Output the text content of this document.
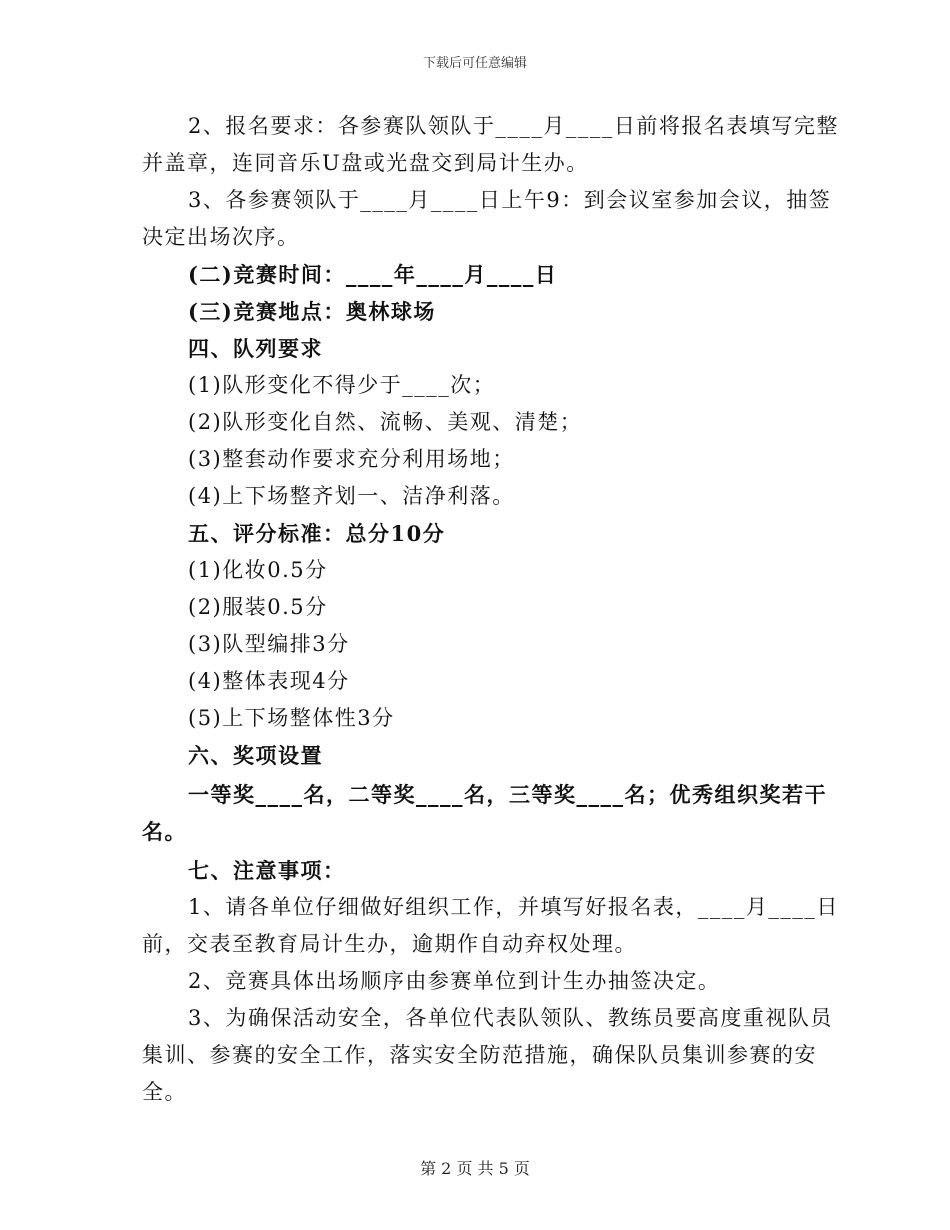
下载后可任意编辑
2、报名要求：各参赛队领队于____月____日前将报名表填写完整
并盖章，连同音乐U盘或光盘交到局计生办。
3、各参赛领队于____月____日上午9：到会议室参加会议，抽签
决定出场次序。
(二)竞赛时间：____年____月____日
(三)竞赛地点：奥林球场
四、队列要求
(1)队形变化不得少于____次；
(2)队形变化自然、流畅、美观、清楚；
(3)整套动作要求充分利用场地；
(4)上下场整齐划一、洁净利落。
五、评分标准：总分10分
(1)化妆0.5分
(2)服装0.5分
(3)队型编排3分
(4)整体表现4分
(5)上下场整体性3分
六、奖项设置
一等奖____名，二等奖____名，三等奖____名；优秀组织奖若干
名。
七、注意事项：
1、请各单位仔细做好组织工作，并填写好报名表，____月____日
前，交表至教育局计生办，逾期作自动弃权处理。
2、竞赛具体出场顺序由参赛单位到计生办抽签决定。
3、为确保活动安全，各单位代表队领队、教练员要高度重视队员
集训、参赛的安全工作，落实安全防范措施，确保队员集训参赛的安
全。
第 2 页 共 5 页
